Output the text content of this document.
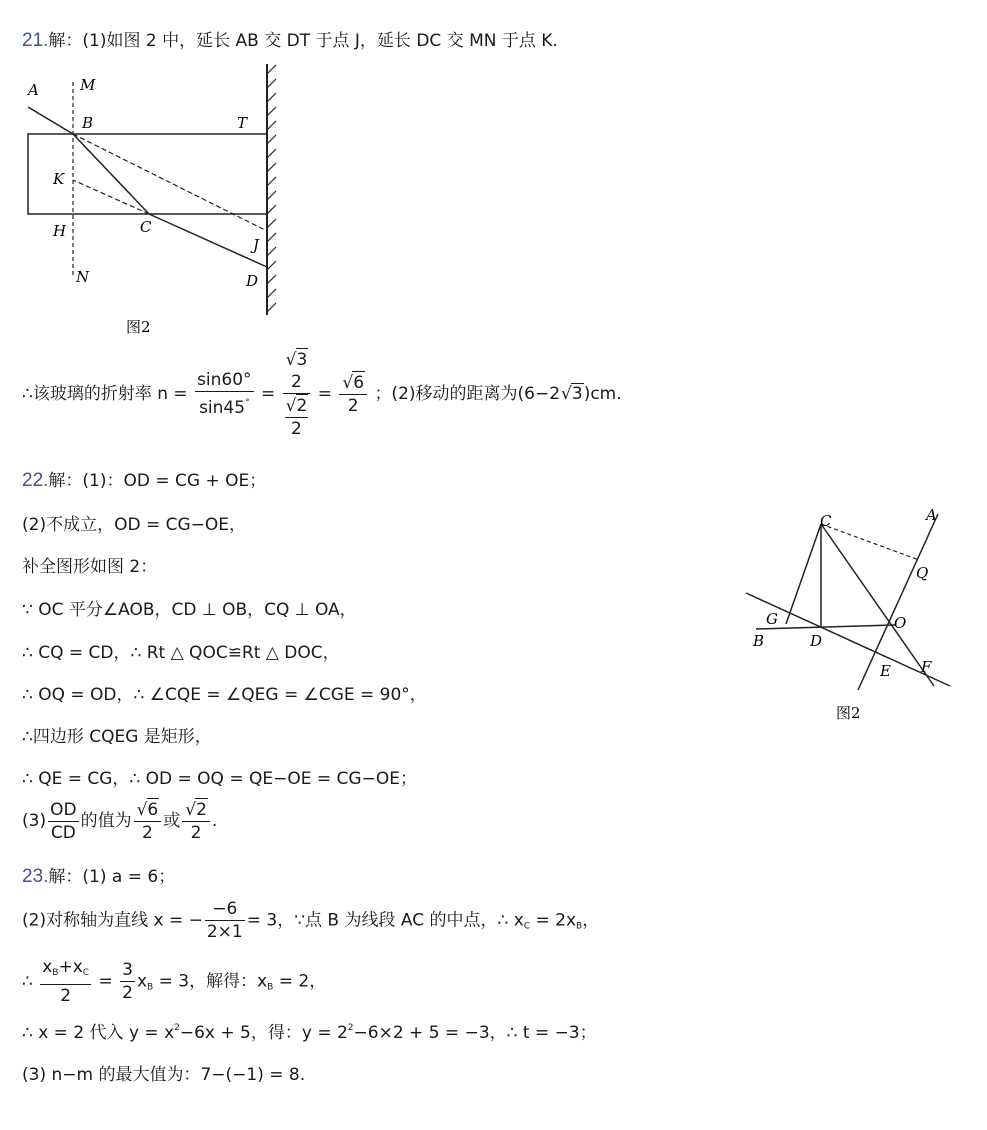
21.解：(1)如图 2 中，延长 AB 交 DT 于点 J，延长 DC 交 MN 于点 K.
A	M
B	T
K
H	C
J
N	D
图2
∴该玻璃的折射率 $n = \frac{\sin 60^\circ}{\sin 45^\circ}$ =
√ 3
2
√ 2
2
= √ $\frac{6}{2}$ ；(2)移动的距离为(6−2 √ 3)cm.
22.解：(1)：OD = CG + OE；
(2)不成立，OD = CG−OE，
补全图形如图 2：
∵ OC 平分∠AOB，CD ⊥ OB，CQ ⊥ OA，
∴ CQ = CD，∴ Rt △ QOC≌Rt △ DOC，
∴ OQ = OD，∴ ∠CQE = ∠QEG = ∠CGE = 90°，
∴四边形 CQEG 是矩形，
∴ QE = CG，∴ OD = OQ = QE−OE = CG−OE；
$(3) \frac{OD}{CD}$ 的值为 √ $\frac{6}{2}$ 或 √ $\frac{2}{2}$ .
A
C
Q
G	O
B	D
E F
图2
23.解：(1) a = 6；
(2)对称轴为直线 x = − $\frac{-6}{2\times 1} = 3$，∵点 B 为线段 AC 的中点，∴ $x_C = 2x_B$，
∴ $\frac{x_B+x_C}{2} = \frac{3}{2} x_B = 3$，解得：$x_B = 2$，
∴ x = 2 代入 $y = x^2-6x + 5$，得：$y = 2^2-6\times 2 + 5 = -3$，∴ t = −3；
(3) n−m 的最大值为：7−(−1) = 8.
